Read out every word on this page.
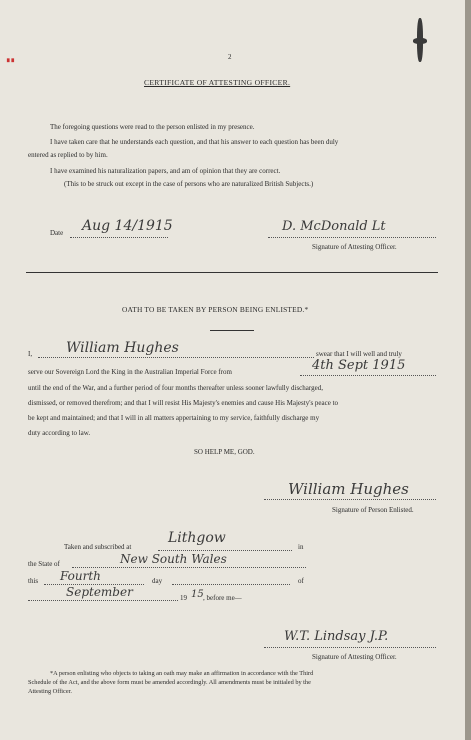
∎∎	2
CERTIFICATE OF ATTESTING OFFICER.
The foregoing questions were read to the person enlisted in my presence.
I have taken care that he understands each question, and that his answer to each question has been duly
entered as replied to by him.
I have examined his naturalization papers, and am of opinion that they are correct.
(This to be struck out except in the case of persons who are naturalized British Subjects.)
Date Aug 14/1915	D. McDonald Lt
Signature of Attesting Officer.
OATH TO BE TAKEN BY PERSON BEING ENLISTED.*
I, William Hughes	swear that I will well and truly
serve our Sovereign Lord the King in the Australian Imperial Force from	4th Sept 1915
until the end of the War, and a further period of four months thereafter unless sooner lawfully discharged,
dismissed, or removed therefrom; and that I will resist His Majesty's enemies and cause His Majesty's peace to
be kept and maintained; and that I will in all matters appertaining to my service, faithfully discharge my
duty according to law.
SO HELP ME, GOD.
William Hughes
Signature of Person Enlisted.
Taken and subscribed at
Lithgow
in
the State of	New South Wales
this Fourth	day	of
September	19 15 , before me—
W.T. Lindsay J.P.
Signature of Attesting Officer.
*A person enlisting who objects to taking an oath may make an affirmation in accordance with the Third
Schedule of the Act, and the above form must be amended accordingly. All amendments must be initialed by the
Attesting Officer.
